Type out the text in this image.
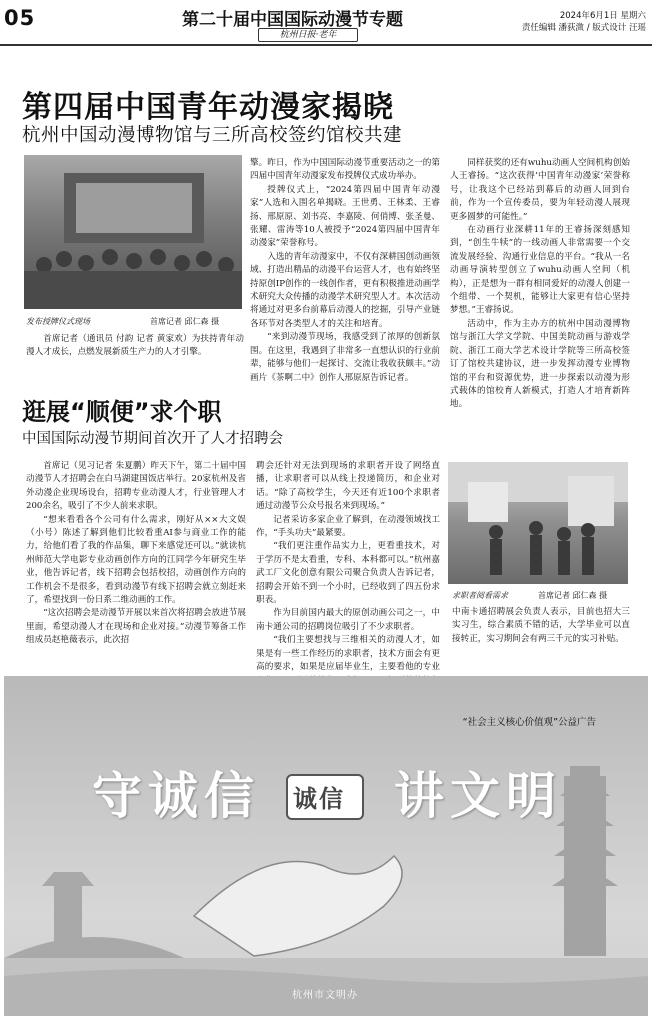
05	第二十届中国国际动漫节专题
杭州日报·老年
2024年6月1日 星期六
责任编辑 潘荻溦 / 版式设计 汪瑶
第四届中国青年动漫家揭晓
杭州中国动漫博物馆与三所高校签约馆校共建
发布授牌仪式现场	首席记者 邱仁森 摄

首席记者（通讯员 付韵 记者 黄家欢）为扶持青年动漫人才成长，点燃发展新质生产力的人才引擎。

擎。昨日，作为中国国际动漫节重要活动之一的第四届中国青年动漫家发布授牌仪式成功举办。

授牌仪式上，“2024第四届中国青年动漫家”人选和入围名单揭晓。王世勇、王林柔、王睿扬、邢原原、刘书亮、李嘉陵、何俏博、张圣曼、张耀、雷涛等10人被授予“2024第四届中国青年动漫家”荣誉称号。

入选的青年动漫家中，不仅有深耕国创动画领域、打造出精品的动漫平台运营人才，也有始终坚持原创IP创作的一线创作者，更有积极推进动画学术研究大众传播的动漫学术研究型人才。本次活动将通过对更多台前幕后动漫人的挖掘，引导产业链各环节对各类型人才的关注和培育。

“来到动漫节现场，我感受到了浓厚的创新氛围。在这里，我遇到了非常多一直想认识的行业前辈，能够与他们一起探讨、交流让我收获颇丰。”动画片《茶啊二中》创作人邢原原告诉记者。

同样获奖的还有wuhu动画人空间机构创始人王睿扬。“这次获得‘中国青年动漫家’荣誉称号，让我这个已经站到幕后的动画人回到台前，作为一个宣传委员，要为年轻动漫人展现更多圆梦的可能性。”

在动画行业深耕11年的王睿扬深刻感知到，“创生牛犊”的一线动画人非常需要一个交流发展经验、沟通行业信息的平台。“我从一名动画导演转型创立了wuhu动画人空间（机构），正是想为一群有相同爱好的动漫人创建一个组带、一个契机，能够让大家更有信心坚持梦想。”王睿扬说。

活动中，作为主办方的杭州中国动漫博物馆与浙江大学文学院、中国美院动画与游戏学院、浙江工商大学艺术设计学院等三所高校签订了馆校共建协议，进一步发挥动漫专业博物馆的平台和资源优势，进一步探索以动漫为形式载体的馆校育人新模式，打造人才培育新阵地。

逛展“顺便”求个职
中国国际动漫节期间首次开了人才招聘会

首席记（见习记者 朱夏鹏）昨天下午，第二十届中国动漫节人才招聘会在白马湖建国饭店举行。20家杭州及省外动漫企业现场设台，招聘专业动漫人才，行业管理人才200余名，吸引了不少人前来求职。

“想来看看各个公司有什么需求，刚好从××大文娱（小号）陈述了解到他们比较看重AI参与商业工作的能力，给他们看了我的作品集，聊下来感觉还可以。”就读杭州师范大学电影专业动画创作方向的江同学今年研究生毕业，他告诉记者，线下招聘会包括校招，动画创作方向的工作机会不是很多，看到动漫节有线下招聘会就立刻赶来了，希望找到一份日系二维动画的工作。

“这次招聘会是动漫节开展以来首次将招聘会放进节展里面，希望动漫人才在现场和企业对接。”动漫节筹备工作组成员赵艳薇表示，此次招

聘会还针对无法到现场的求职者开设了网络直播，让求职者可以从线上投递简历，和企业对话。“除了高校学生，今天还有近100个求职者通过动漫节公众号报名来到现场。”

记者采访多家企业了解到，在动漫领域找工作，“手头功夫”最紧要。

“我们更注重作品实力上，更看重技术，对于学历不是太看重，专科、本科都可以。”杭州嘉武工厂文化创意有限公司聚合负责人告诉记者，招聘会开始不到一个小时，已经收到了四五份求职表。

作为目前国内最大的原创动画公司之一，中南卡通公司的招聘岗位吸引了不少求职者。

“我们主要想找与三维相关的动漫人才，如果是有一些工作经历的求职者，技术方面会有更高的要求，如果是应届毕业生，主要看他的专业

求职者阅看需求	首席记者 邱仁森 摄

中南卡通招聘展会负责人表示，目前也招大三实习生，综合素质不错的话，大学毕业可以直接转正，实习期间会有两三千元的实习补贴。

“社会主义核心价值观”公益广告
守诚信 诚信 讲文明
杭州市文明办
